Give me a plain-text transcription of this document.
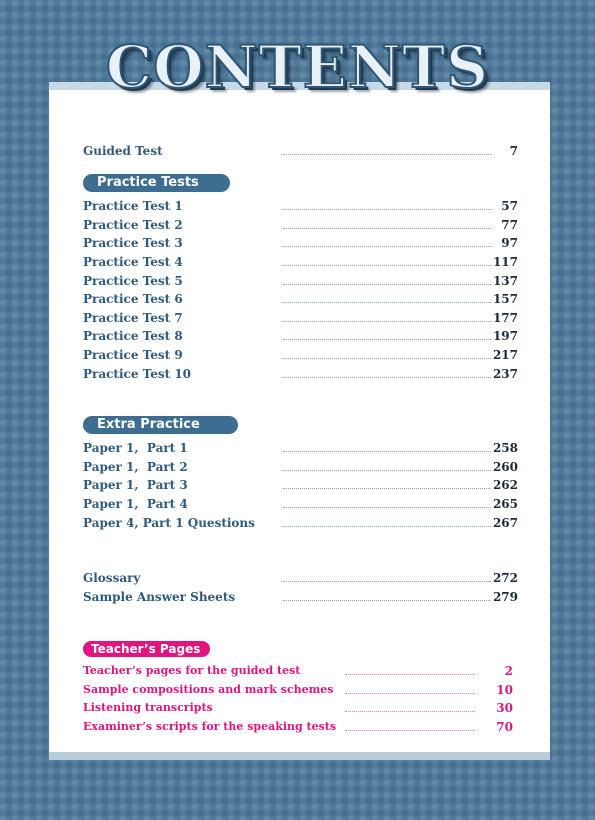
CONTENTS
Guided Test	7
Practice Tests
Practice Test 1	57
Practice Test 2	77
Practice Test 3	97
Practice Test 4	117
Practice Test 5	137
Practice Test 6	157
Practice Test 7	177
Practice Test 8	197
Practice Test 9	217
Practice Test 10	237
Extra Practice
Paper 1,  Part 1	258
Paper 1,  Part 2	260
Paper 1,  Part 3	262
Paper 1,  Part 4	265
Paper 4, Part 1 Questions	267
Glossary	272
Sample Answer Sheets	279
Teacher’s Pages
Teacher’s pages for the guided test	2
Sample compositions and mark schemes	10
Listening transcripts	30
Examiner’s scripts for the speaking tests	70
